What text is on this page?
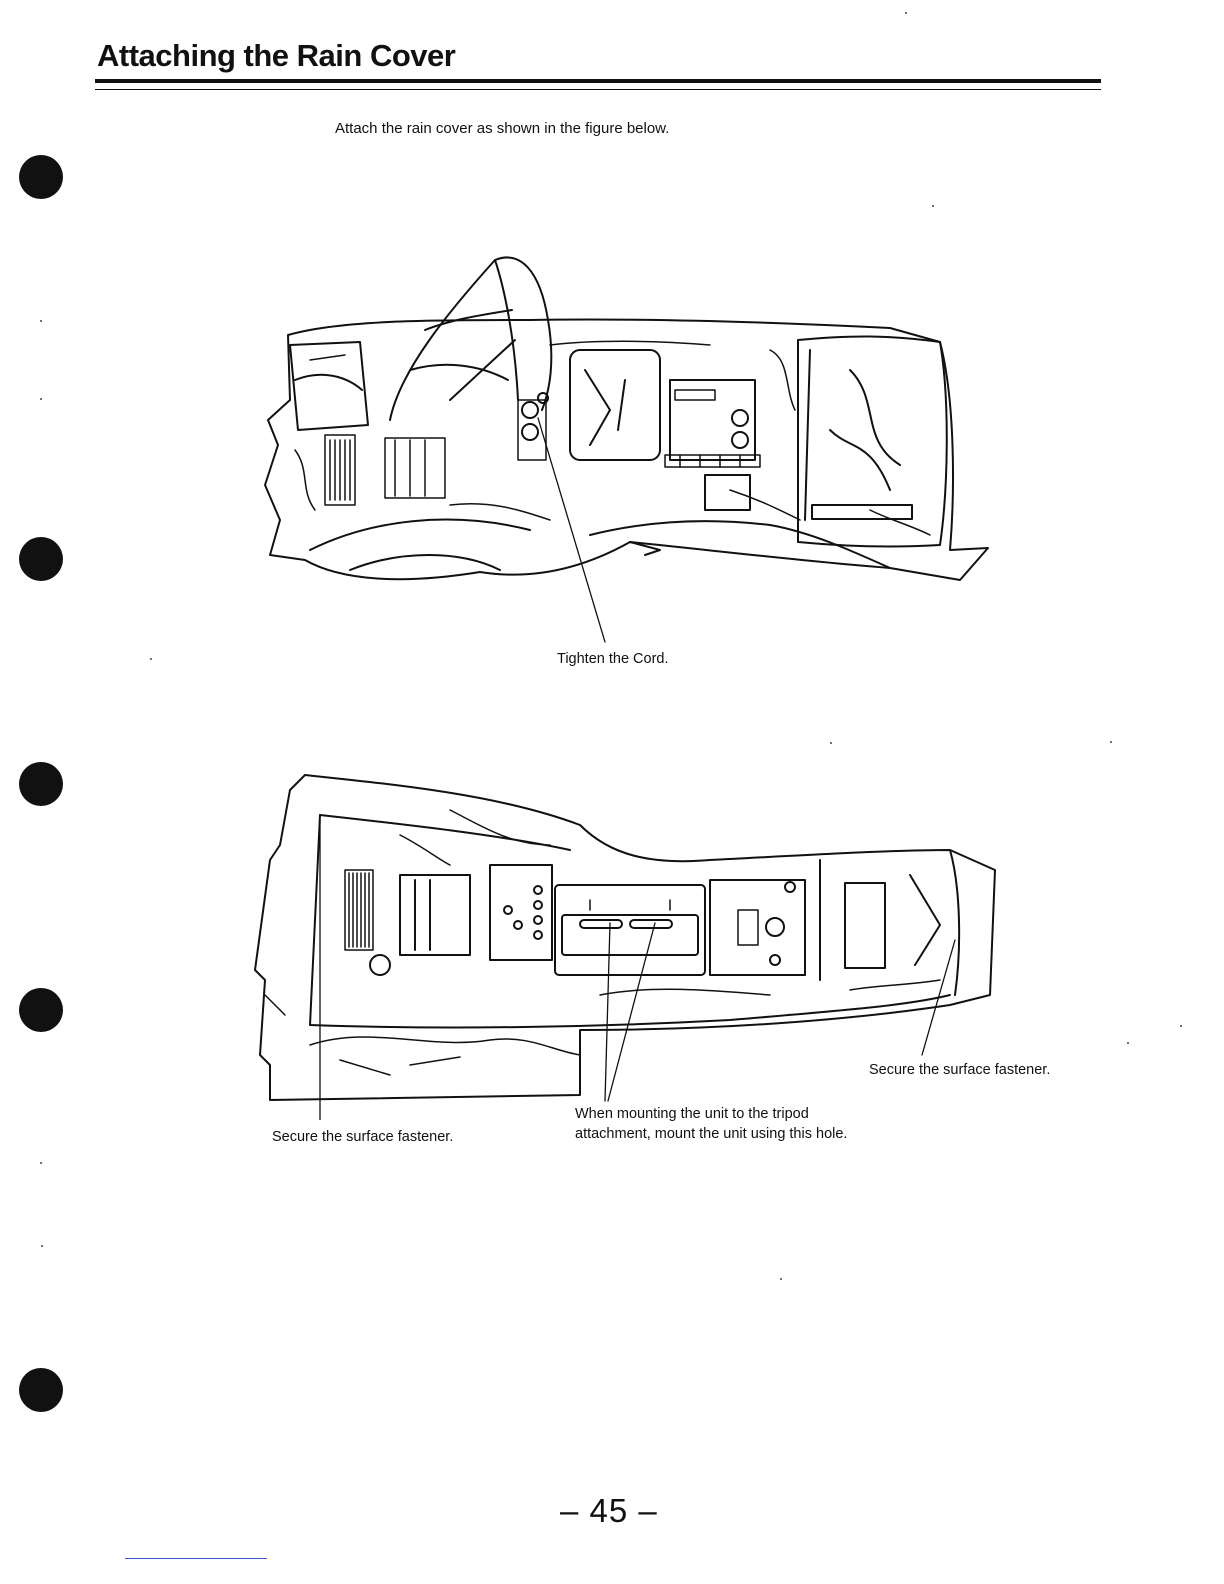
Attaching the Rain Cover
Attach the rain cover as shown in the figure below.
Tighten the Cord.
Secure the surface fastener.
Secure the surface fastener.
When mounting the unit to the tripod
attachment, mount the unit using this hole.
– 45 –
